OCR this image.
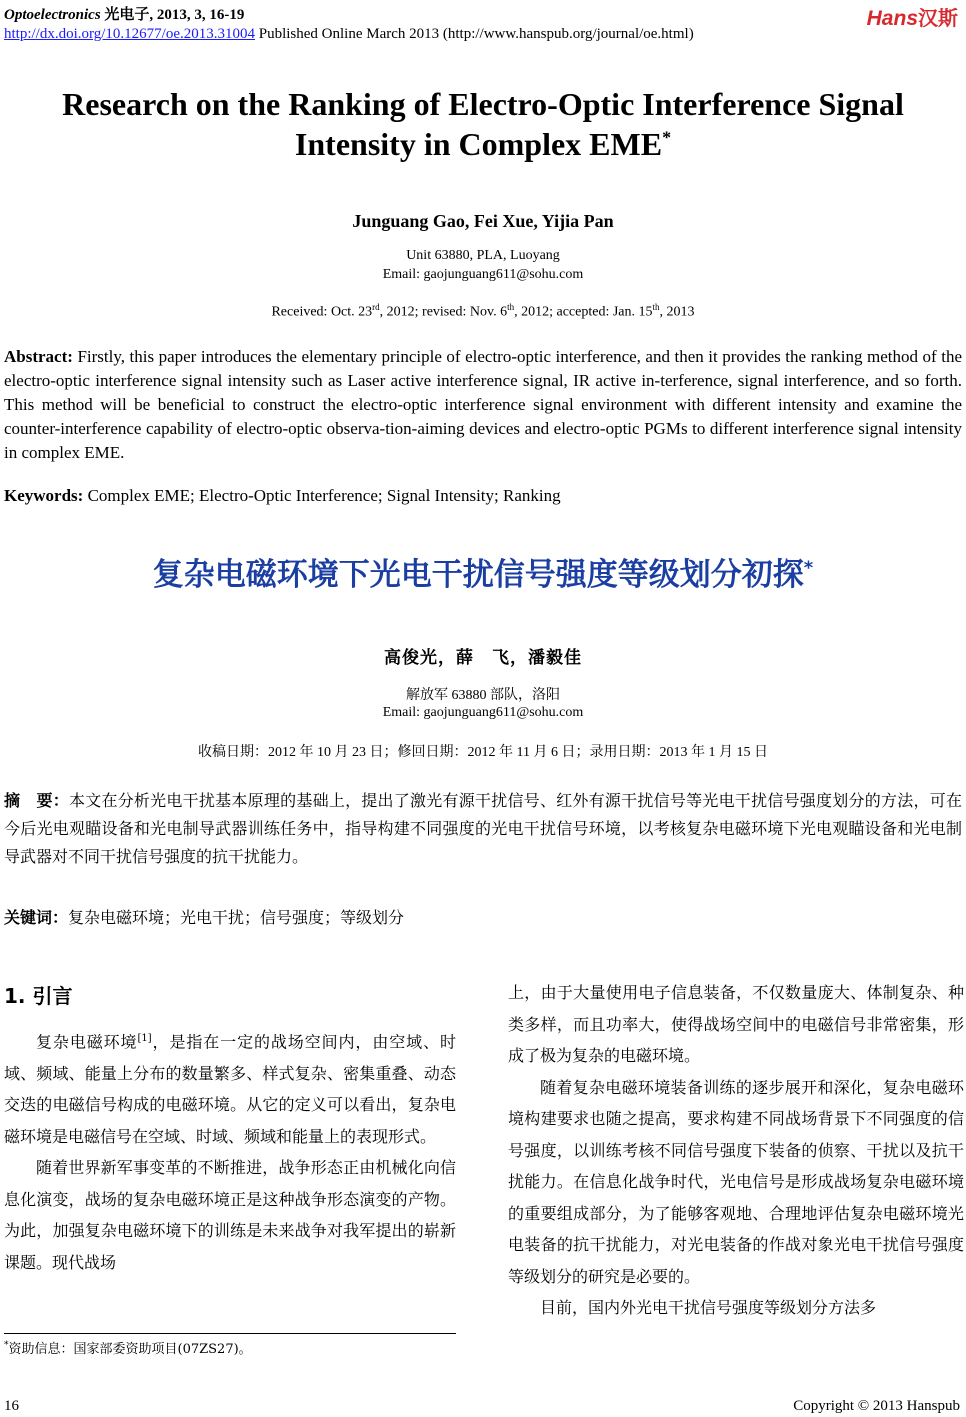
Optoelectronics 光电子, 2013, 3, 16-19
http://dx.doi.org/10.12677/oe.2013.31004 Published Online March 2013 (http://www.hanspub.org/journal/oe.html)
Hans汉斯
Research on the Ranking of Electro-Optic Interference Signal
Intensity in Complex EME*
Junguang Gao, Fei Xue, Yijia Pan
Unit 63880, PLA, Luoyang
Email: gaojunguang611@sohu.com
Received: Oct. 23rd, 2012; revised: Nov. 6th, 2012; accepted: Jan. 15th, 2013
Abstract: Firstly, this paper introduces the elementary principle of electro-optic interference, and then it provides the ranking method of the electro-optic interference signal intensity such as Laser active interference signal, IR active in-terference, signal interference, and so forth. This method will be beneficial to construct the electro-optic interference signal environment with different intensity and examine the counter-interference capability of electro-optic observa-tion-aiming devices and electro-optic PGMs to different interference signal intensity in complex EME.
Keywords: Complex EME; Electro-Optic Interference; Signal Intensity; Ranking
复杂电磁环境下光电干扰信号强度等级划分初探*
高俊光，薛　飞，潘毅佳
解放军 63880 部队，洛阳
Email: gaojunguang611@sohu.com
收稿日期：2012 年 10 月 23 日；修回日期：2012 年 11 月 6 日；录用日期：2013 年 1 月 15 日
摘　要：本文在分析光电干扰基本原理的基础上，提出了激光有源干扰信号、红外有源干扰信号等光电干扰信号强度划分的方法，可在今后光电观瞄设备和光电制导武器训练任务中，指导构建不同强度的光电干扰信号环境，以考核复杂电磁环境下光电观瞄设备和光电制导武器对不同干扰信号强度的抗干扰能力。
关键词：复杂电磁环境；光电干扰；信号强度；等级划分
1. 引言

复杂电磁环境[1]，是指在一定的战场空间内，由空域、时域、频域、能量上分布的数量繁多、样式复杂、密集重叠、动态交迭的电磁信号构成的电磁环境。从它的定义可以看出，复杂电磁环境是电磁信号在空域、时域、频域和能量上的表现形式。

随着世界新军事变革的不断推进，战争形态正由机械化向信息化演变，战场的复杂电磁环境正是这种战争形态演变的产物。为此，加强复杂电磁环境下的训练是未来战争对我军提出的崭新课题。现代战场

上，由于大量使用电子信息装备，不仅数量庞大、体制复杂、种类多样，而且功率大，使得战场空间中的电磁信号非常密集，形成了极为复杂的电磁环境。

随着复杂电磁环境装备训练的逐步展开和深化，复杂电磁环境构建要求也随之提高，要求构建不同战场背景下不同强度的信号强度，以训练考核不同信号强度下装备的侦察、干扰以及抗干扰能力。在信息化战争时代，光电信号是形成战场复杂电磁环境的重要组成部分，为了能够客观地、合理地评估复杂电磁环境光电装备的抗干扰能力，对光电装备的作战对象光电干扰信号强度等级划分的研究是必要的。

目前，国内外光电干扰信号强度等级划分方法多

*资助信息：国家部委资助项目(07ZS27)。
16	Copyright © 2013 Hanspub
